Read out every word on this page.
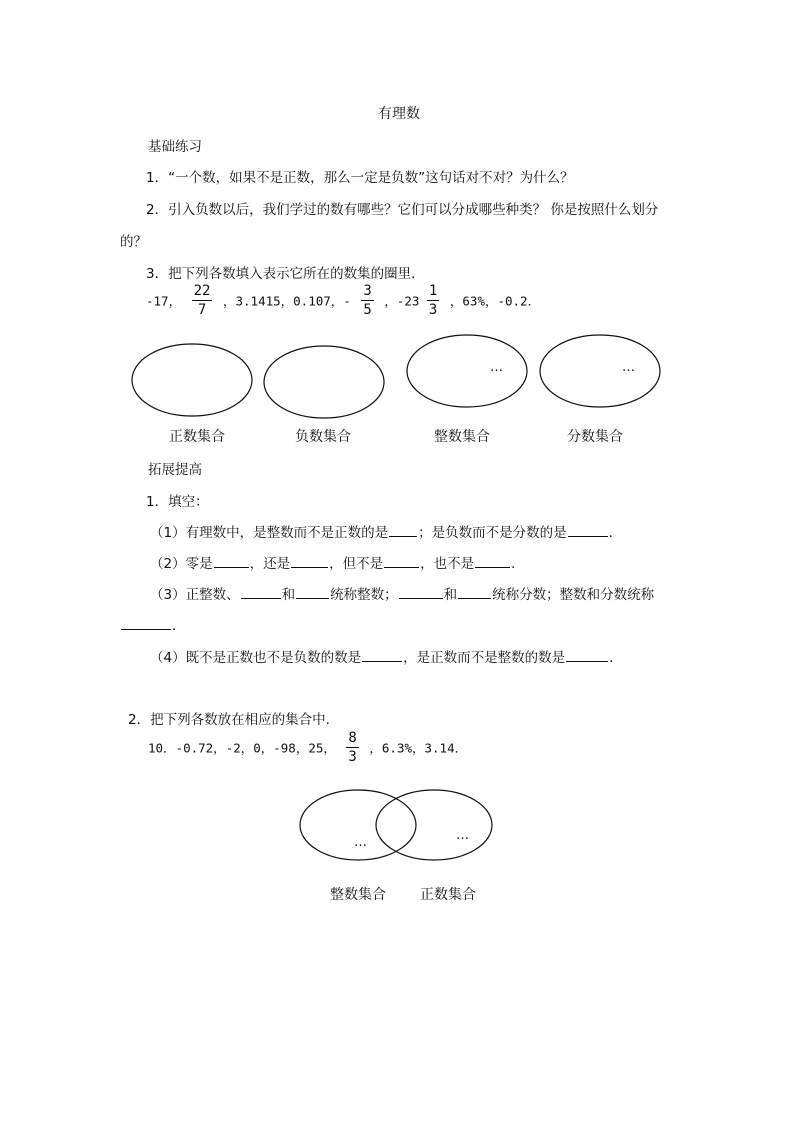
有理数
基础练习
1．“一个数，如果不是正数，那么一定是负数”这句话对不对？为什么？
2．引入负数以后，我们学过的数有哪些？它们可以分成哪些种类？ 你是按照什么划分
的？
3．把下列各数填入表示它所在的数集的圈里．
-17， $\frac{22}{7}$ ，3.1415，0.107，- $\frac{3}{5}$ ，$-23 \frac{1}{3}$ ，63%，-0.2．
…	…
正数集合	负数集合	整数集合	分数集合
拓展提高
1．填空：
（1）有理数中，是整数而不是正数的是 ；是负数而不是分数的是	．
（2）零是	，还是	，但不是	，也不是	．
（3）正整数、	和	统称整数；	和	统称分数；整数和分数统称
．
（4）既不是正数也不是负数的数是	，是正数而不是整数的数是	．
2．把下列各数放在相应的集合中．
10．-0.72，-2，0，-98，25， $\frac{8}{3}$ ，6.3%，3.14．
…	…
整数集合 正数集合
